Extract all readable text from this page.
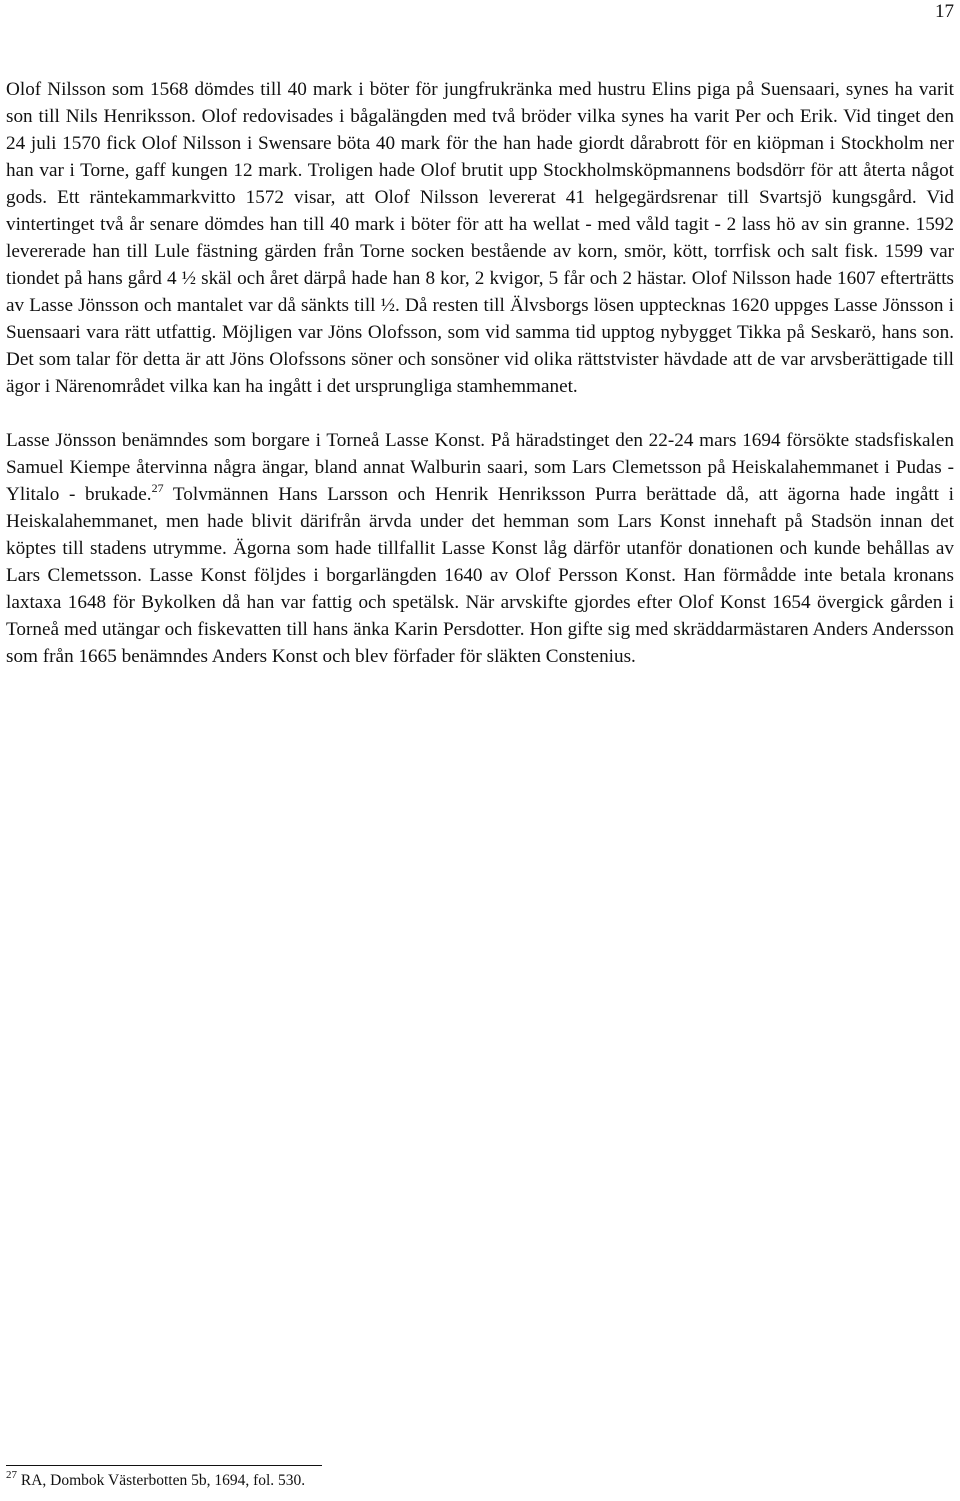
17

Olof Nilsson som 1568 dömdes till 40 mark i böter för jungfrukränka med hustru Elins piga på Suensaari, synes ha varit son till Nils Henriksson. Olof redovisades i bågalängden med två bröder vilka synes ha varit Per och Erik. Vid tinget den 24 juli 1570 fick Olof Nilsson i Swensare böta 40 mark för the han hade giordt dårabrott för en kiöpman i Stockholm ner han var i Torne, gaff kungen 12 mark. Troligen hade Olof brutit upp Stockholmsköpmannens bodsdörr för att återta något gods. Ett räntekammarkvitto 1572 visar, att Olof Nilsson levererat 41 helgegärdsrenar till Svartsjö kungsgård. Vid vintertinget två år senare dömdes han till 40 mark i böter för att ha wellat - med våld tagit - 2 lass hö av sin granne. 1592 levererade han till Lule fästning gärden från Torne socken bestående av korn, smör, kött, torrfisk och salt fisk. 1599 var tiondet på hans gård 4 ½ skäl och året därpå hade han 8 kor, 2 kvigor, 5 får och 2 hästar. Olof Nilsson hade 1607 efterträtts av Lasse Jönsson och mantalet var då sänkts till ½. Då resten till Älvsborgs lösen upptecknas 1620 uppges Lasse Jönsson i Suensaari vara rätt utfattig. Möjligen var Jöns Olofsson, som vid samma tid upptog nybygget Tikka på Seskarö, hans son. Det som talar för detta är att Jöns Olofssons söner och sonsöner vid olika rättstvister hävdade att de var arvsberättigade till ägor i Närenområdet vilka kan ha ingått i det ursprungliga stamhemmanet.

Lasse Jönsson benämndes som borgare i Torneå Lasse Konst. På häradstinget den 22-24 mars 1694 försökte stadsfiskalen Samuel Kiempe återvinna några ängar, bland annat Walburin saari, som Lars Clemetsson på Heiskalahemmanet i Pudas - Ylitalo - brukade.$^{27}$ Tolvmännen Hans Larsson och Henrik Henriksson Purra berättade då, att ägorna hade ingått i Heiskalahemmanet, men hade blivit därifrån ärvda under det hemman som Lars Konst innehaft på Stadsön innan det köptes till stadens utrymme. Ägorna som hade tillfallit Lasse Konst låg därför utanför donationen och kunde behållas av Lars Clemetsson. Lasse Konst följdes i borgarlängden 1640 av Olof Persson Konst. Han förmådde inte betala kronans laxtaxa 1648 för Bykolken då han var fattig och spetälsk. När arvskifte gjordes efter Olof Konst 1654 övergick gården i Torneå med utängar och fiskevatten till hans änka Karin Persdotter. Hon gifte sig med skräddarmästaren Anders Andersson som från 1665 benämndes Anders Konst och blev förfader för släkten Constenius.

$^{27}$ RA, Dombok Västerbotten 5b, 1694, fol. 530.
